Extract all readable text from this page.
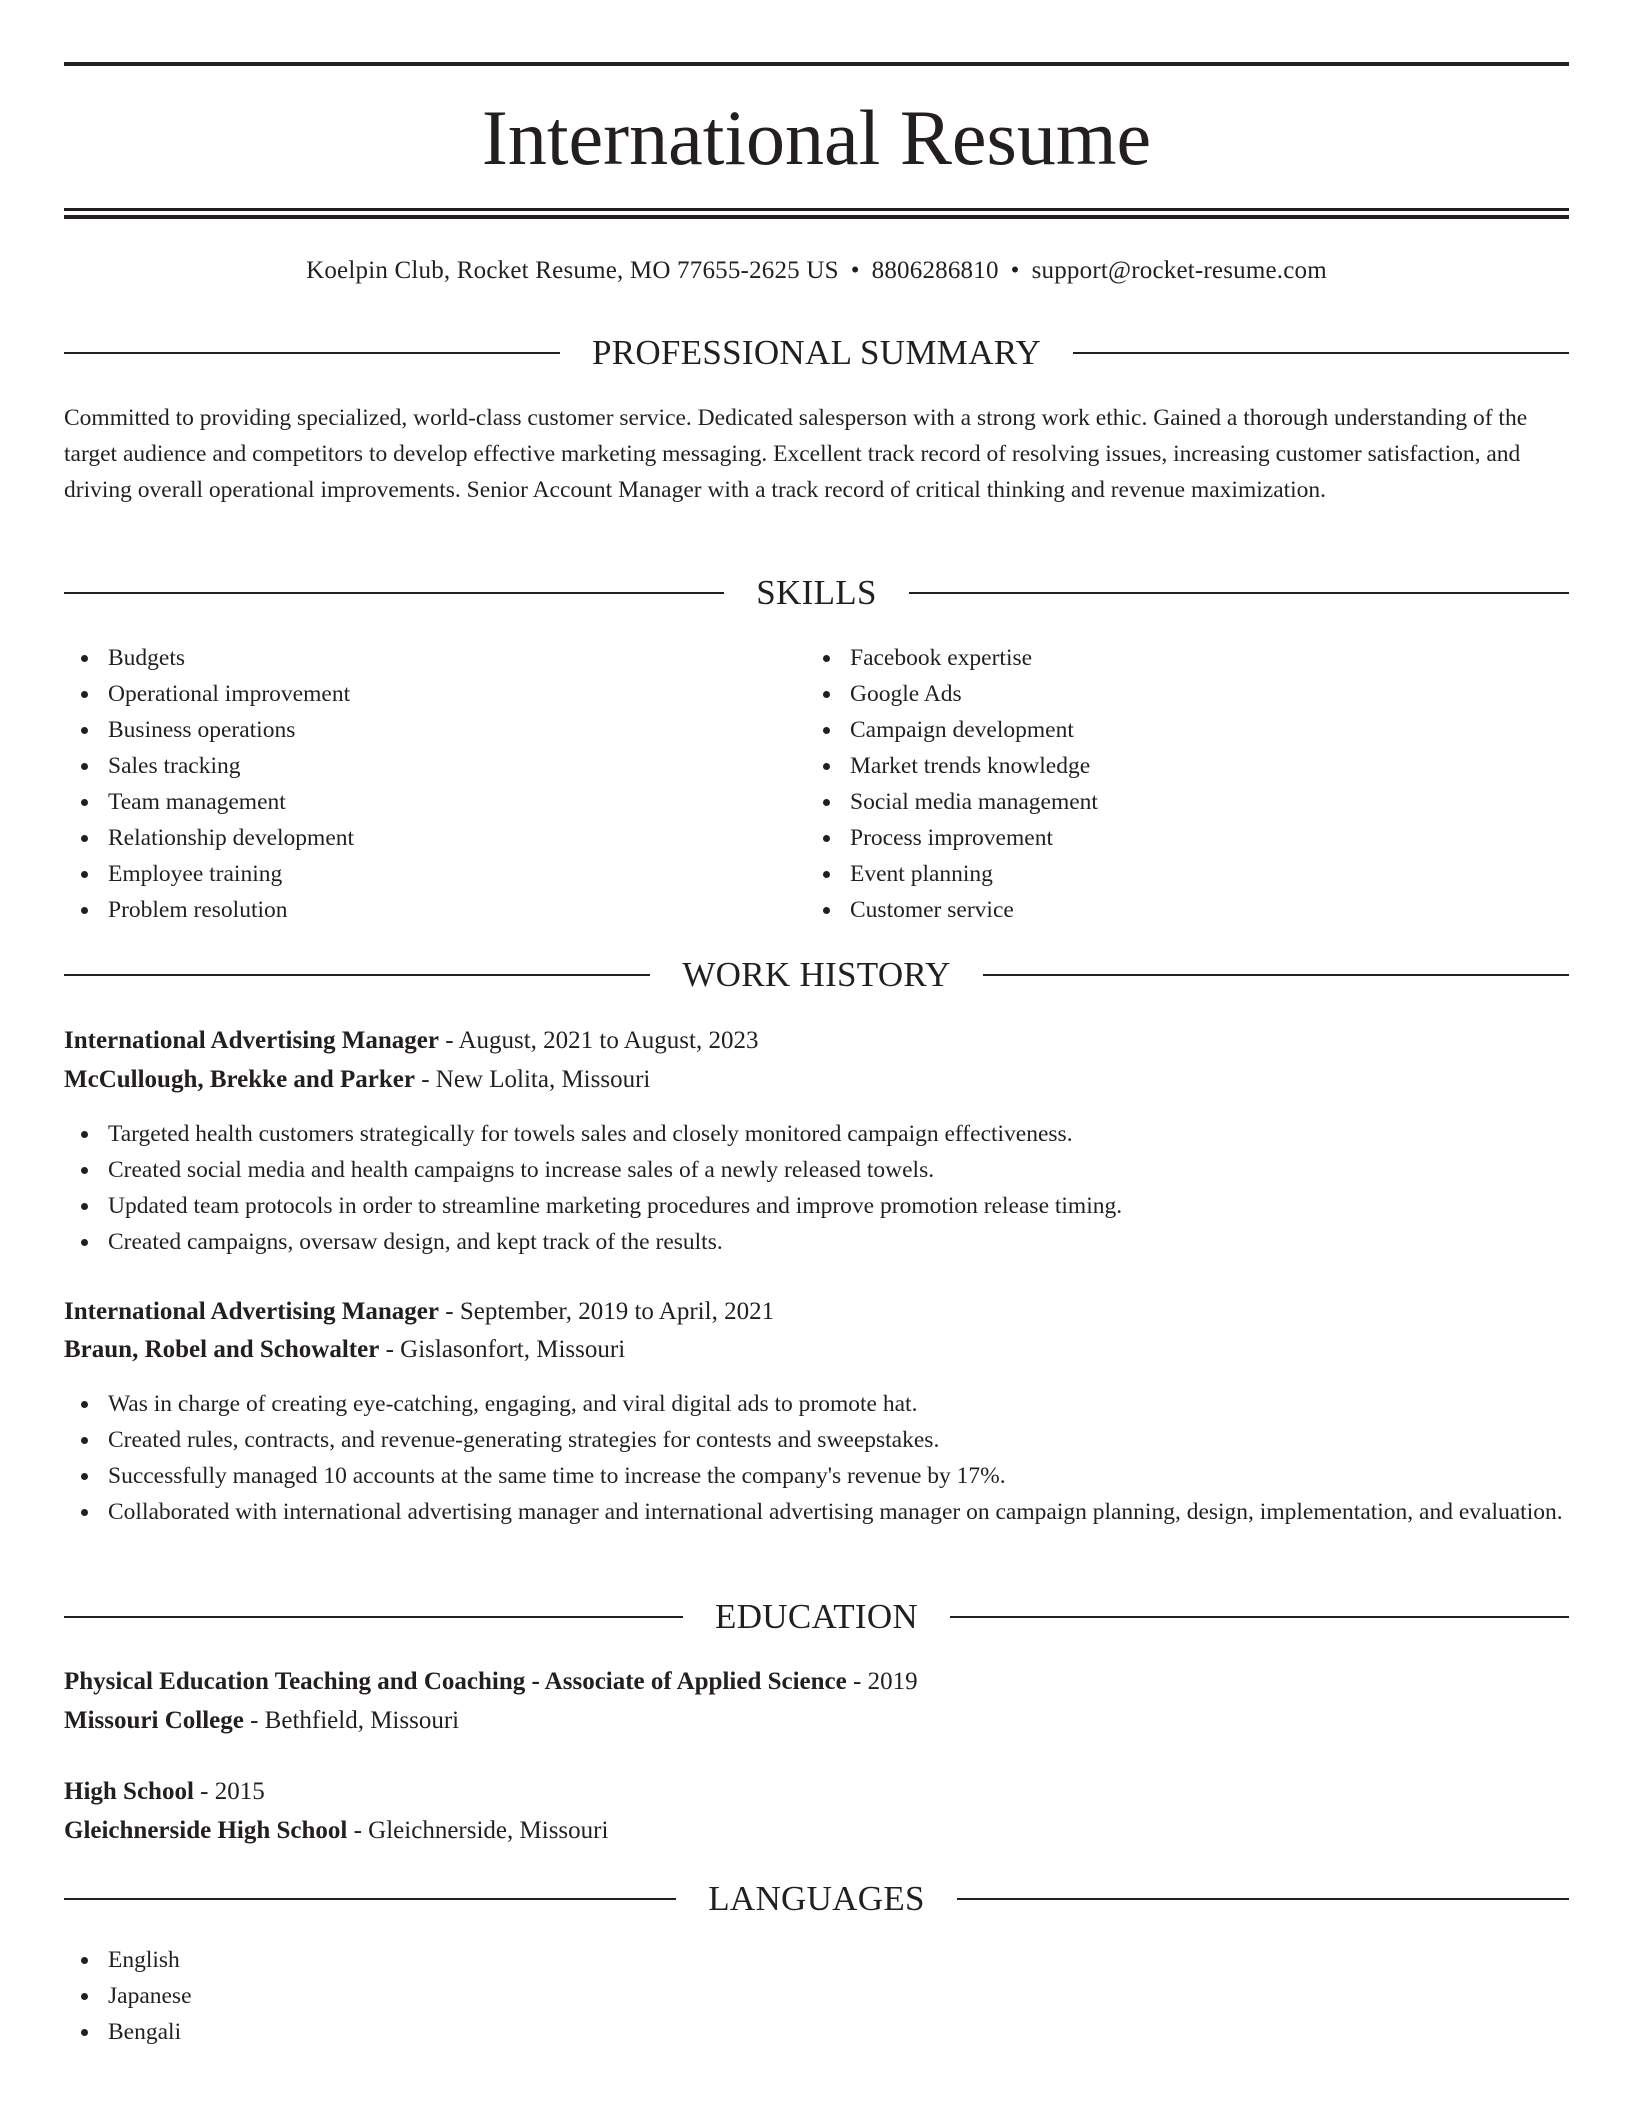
International Resume
Koelpin Club, Rocket Resume, MO 77655-2625 US • 8806286810 • support@rocket-resume.com
PROFESSIONAL SUMMARY

Committed to providing specialized, world-class customer service. Dedicated salesperson with a strong work ethic. Gained a thorough understanding of the target audience and competitors to develop effective marketing messaging. Excellent track record of resolving issues, increasing customer satisfaction, and driving overall operational improvements. Senior Account Manager with a track record of critical thinking and revenue maximization.

SKILLS
Budgets
Operational improvement
Business operations
Sales tracking
Team management
Relationship development
Employee training
Problem resolution
Facebook expertise
Google Ads
Campaign development
Market trends knowledge
Social media management
Process improvement
Event planning
Customer service
WORK HISTORY
International Advertising Manager - August, 2021 to August, 2023
McCullough, Brekke and Parker - New Lolita, Missouri
Targeted health customers strategically for towels sales and closely monitored campaign effectiveness.
Created social media and health campaigns to increase sales of a newly released towels.
Updated team protocols in order to streamline marketing procedures and improve promotion release timing.
Created campaigns, oversaw design, and kept track of the results.
International Advertising Manager - September, 2019 to April, 2021
Braun, Robel and Schowalter - Gislasonfort, Missouri
Was in charge of creating eye-catching, engaging, and viral digital ads to promote hat.
Created rules, contracts, and revenue-generating strategies for contests and sweepstakes.
Successfully managed 10 accounts at the same time to increase the company's revenue by 17%.
Collaborated with international advertising manager and international advertising manager on campaign planning, design, implementation, and evaluation.
EDUCATION
Physical Education Teaching and Coaching - Associate of Applied Science - 2019
Missouri College - Bethfield, Missouri
High School - 2015
Gleichnerside High School - Gleichnerside, Missouri
LANGUAGES
English
Japanese
Bengali
